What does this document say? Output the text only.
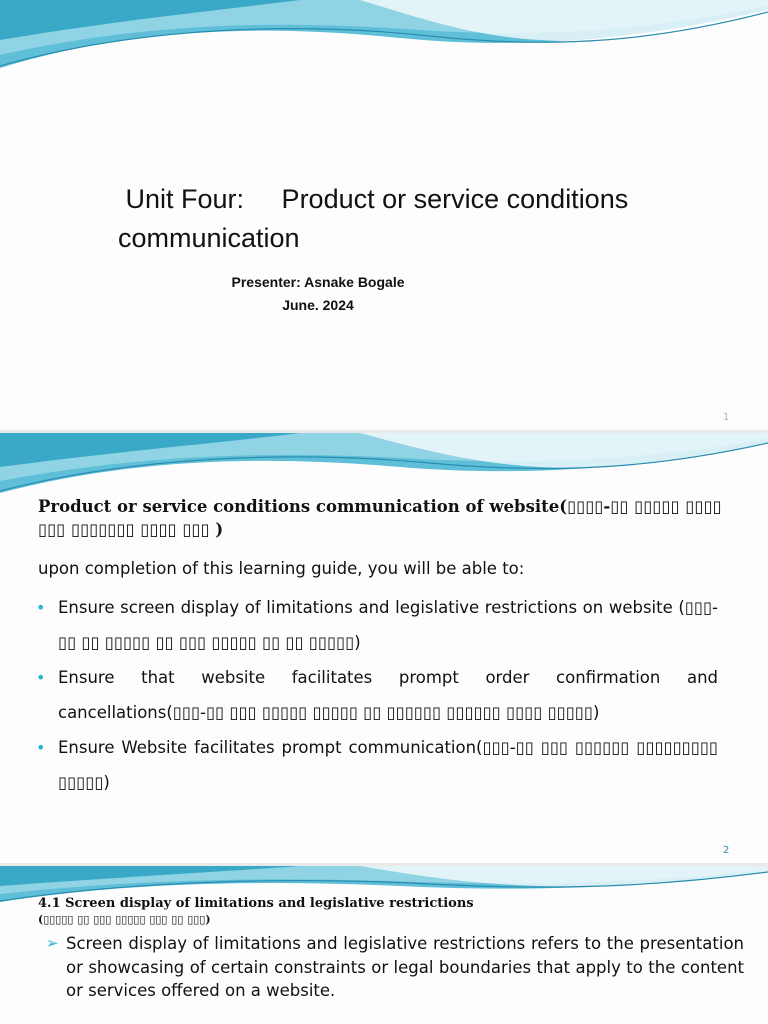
Unit Four:     Product or service conditions
communication
Presenter: Asnake Bogale
June. 2024
1
Product or service conditions communication of website(▯▯▯▯-▯▯ ▯▯▯▯▯ ▯▯▯▯ ▯▯▯ ▯▯▯▯▯▯▯ ▯▯▯▯ ▯▯▯ )
upon completion of this learning guide, you will be able to:
• Ensure screen display of limitations and legislative restrictions on website (▯▯▯-▯▯ ▯▯ ▯▯▯▯▯ ▯▯ ▯▯▯ ▯▯▯▯▯ ▯▯ ▯▯ ▯▯▯▯▯)
• Ensure that website facilitates prompt order confirmation and cancellations(▯▯▯-▯▯ ▯▯▯ ▯▯▯▯▯ ▯▯▯▯▯ ▯▯ ▯▯▯▯▯▯ ▯▯▯▯▯▯ ▯▯▯▯ ▯▯▯▯▯)
• Ensure Website facilitates prompt communication(▯▯▯-▯▯ ▯▯▯ ▯▯▯▯▯▯ ▯▯▯▯▯▯▯▯▯ ▯▯▯▯▯)
2
4.1 Screen display of limitations and legislative restrictions
(▯▯▯▯▯ ▯▯ ▯▯▯ ▯▯▯▯▯ ▯▯▯ ▯▯ ▯▯▯)
➢ Screen display of limitations and legislative restrictions refers to the presentation or showcasing of certain constraints or legal boundaries that apply to the content or services offered on a website.
